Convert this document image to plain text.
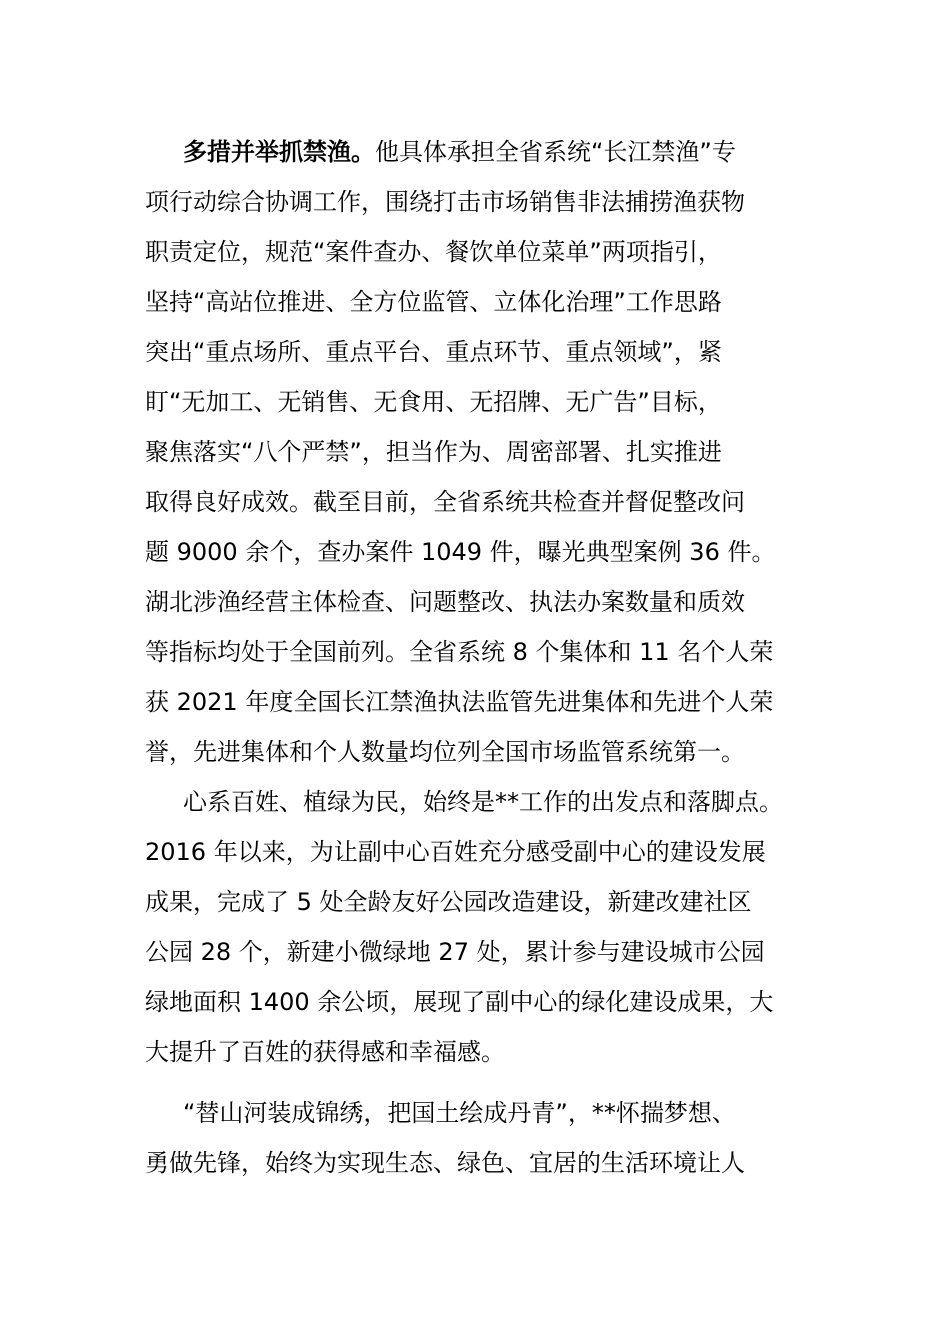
多措并举抓禁渔。他具体承担全省系统“长江禁渔”专
项行动综合协调工作，围绕打击市场销售非法捕捞渔获物
职责定位，规范“案件查办、餐饮单位菜单”两项指引，
坚持“高站位推进、全方位监管、立体化治理”工作思路
突出“重点场所、重点平台、重点环节、重点领域”，紧
盯“无加工、无销售、无食用、无招牌、无广告”目标，
聚焦落实“八个严禁”，担当作为、周密部署、扎实推进
取得良好成效。截至目前，全省系统共检查并督促整改问
题 9000 余个，查办案件 1049 件，曝光典型案例 36 件。
湖北涉渔经营主体检查、问题整改、执法办案数量和质效
等指标均处于全国前列。全省系统 8 个集体和 11 名个人荣
获 2021 年度全国长江禁渔执法监管先进集体和先进个人荣
誉，先进集体和个人数量均位列全国市场监管系统第一。
心系百姓、植绿为民，始终是**工作的出发点和落脚点。
2016 年以来，为让副中心百姓充分感受副中心的建设发展
成果，完成了 5 处全龄友好公园改造建设，新建改建社区
公园 28 个，新建小微绿地 27 处，累计参与建设城市公园
绿地面积 1400 余公顷，展现了副中心的绿化建设成果，大
大提升了百姓的获得感和幸福感。
“替山河装成锦绣，把国土绘成丹青”，**怀揣梦想、
勇做先锋，始终为实现生态、绿色、宜居的生活环境让人
